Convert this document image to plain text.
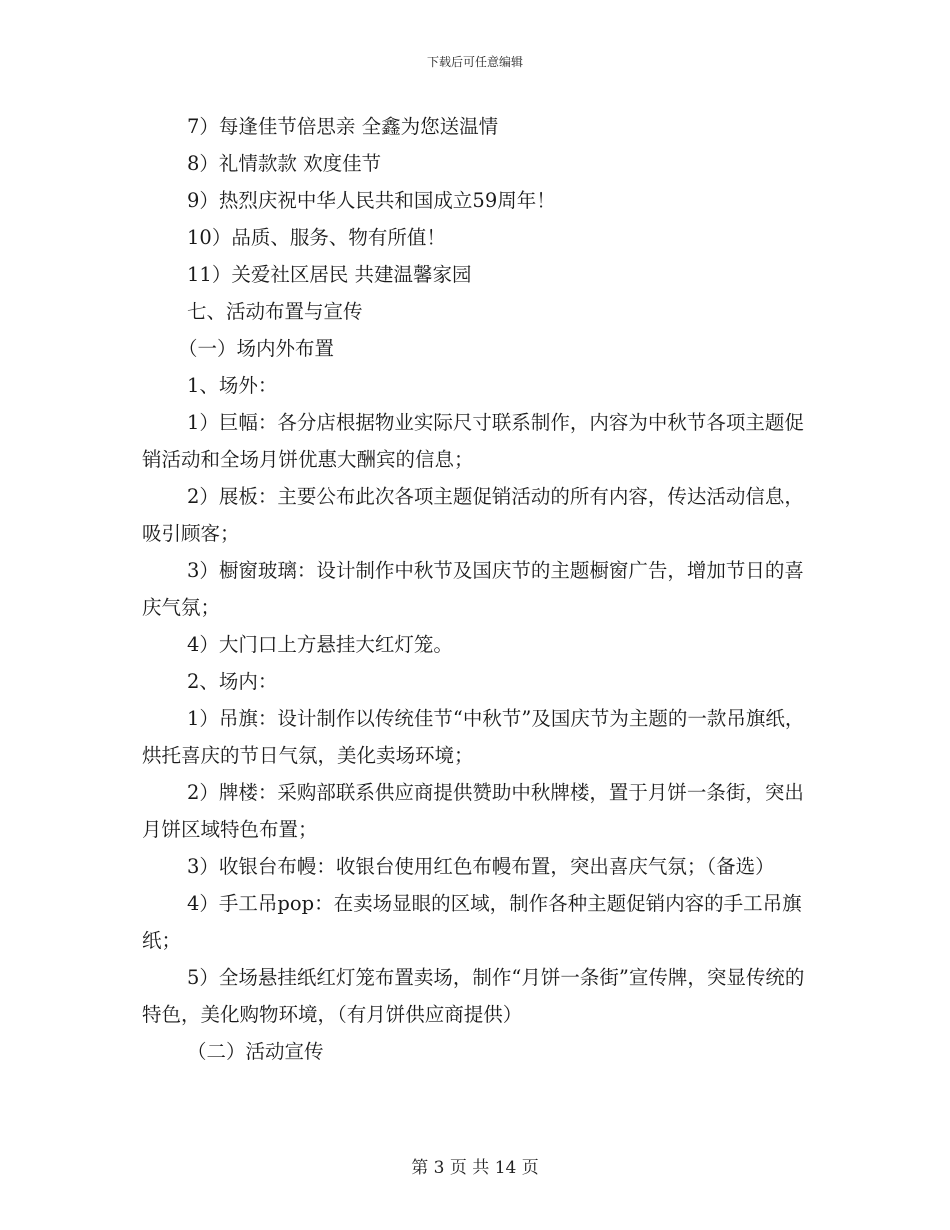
下载后可任意编辑

7）每逢佳节倍思亲 全鑫为您送温情

8）礼情款款 欢度佳节

9）热烈庆祝中华人民共和国成立59周年！

10）品质、服务、物有所值！

11）关爱社区居民 共建温馨家园

七、活动布置与宣传

（一）场内外布置

1、场外：

1）巨幅：各分店根据物业实际尺寸联系制作，内容为中秋节各项主题促销活动和全场月饼优惠大酬宾的信息；

2）展板：主要公布此次各项主题促销活动的所有内容，传达活动信息，吸引顾客；

3）橱窗玻璃：设计制作中秋节及国庆节的主题橱窗广告，增加节日的喜庆气氛；

4）大门口上方悬挂大红灯笼。

2、场内：

1）吊旗：设计制作以传统佳节“中秋节”及国庆节为主题的一款吊旗纸，烘托喜庆的节日气氛，美化卖场环境；

2）牌楼：采购部联系供应商提供赞助中秋牌楼，置于月饼一条街，突出月饼区域特色布置；

3）收银台布幔：收银台使用红色布幔布置，突出喜庆气氛；（备选）

4）手工吊pop：在卖场显眼的区域，制作各种主题促销内容的手工吊旗纸；

5）全场悬挂纸红灯笼布置卖场，制作“月饼一条街”宣传牌，突显传统的特色，美化购物环境，（有月饼供应商提供）

（二）活动宣传

第 3 页 共 14 页
